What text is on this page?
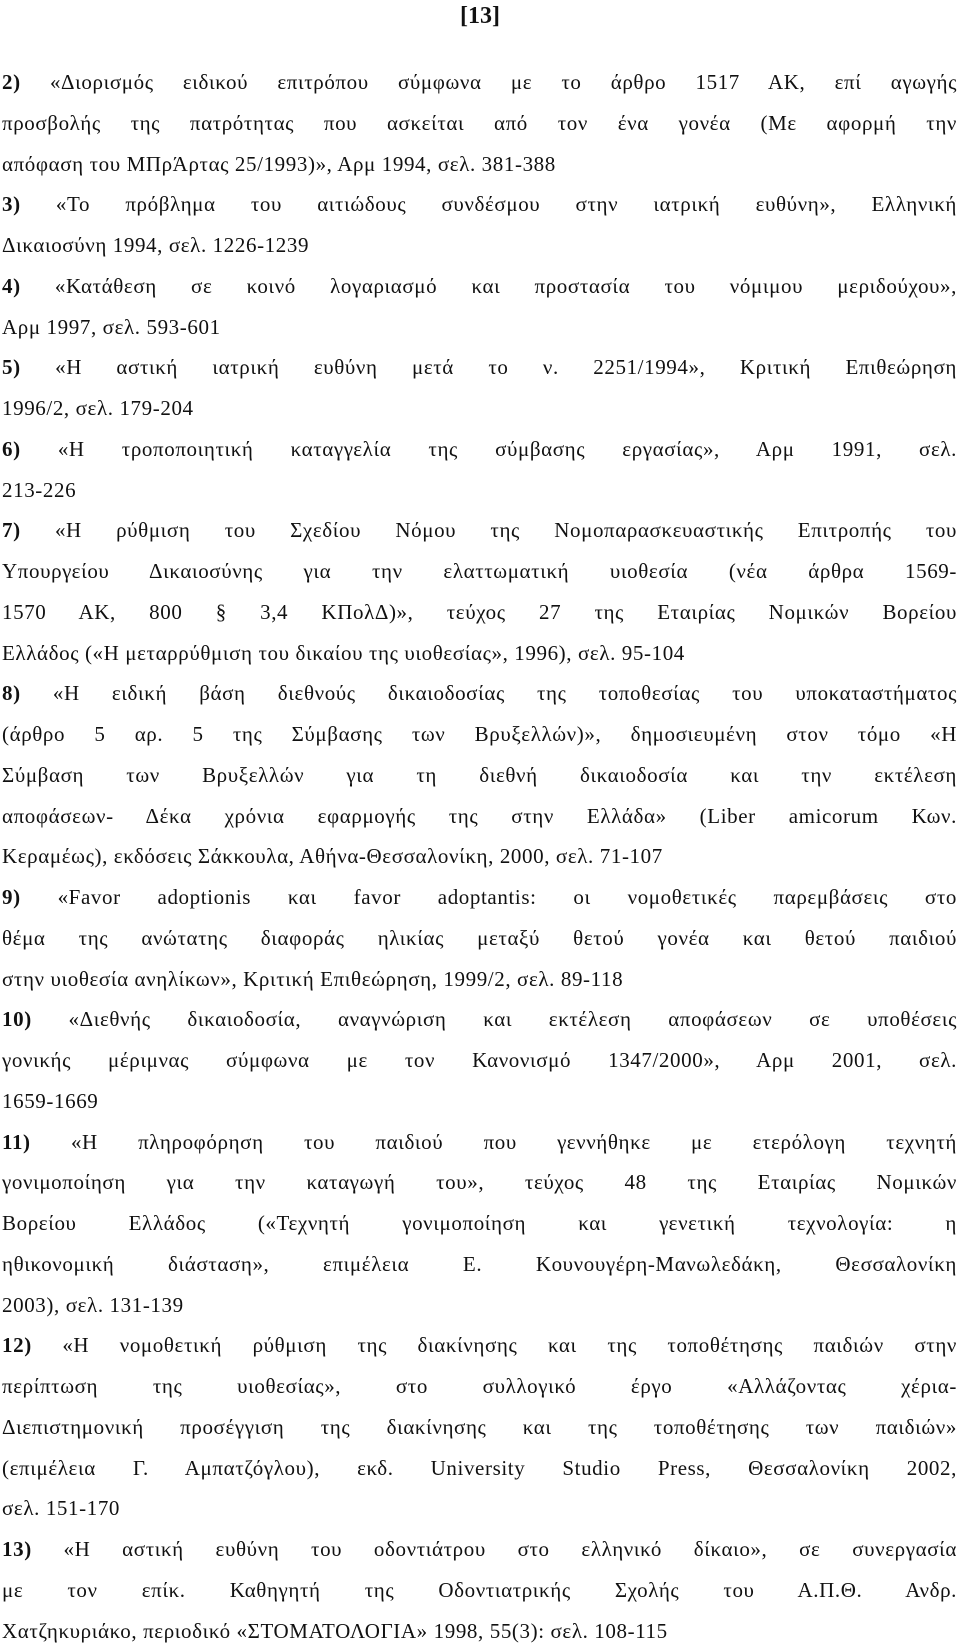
[13]
2) «Διορισμός ειδικού επιτρόπου σύμφωνα με το άρθρο 1517 ΑΚ, επί αγωγής
προσβολής της πατρότητας που ασκείται από τον ένα γονέα (Με αφορμή την
απόφαση του ΜΠρΆρτας 25/1993)», Αρμ 1994, σελ. 381-388
3) «Το πρόβλημα του αιτιώδους συνδέσμου στην ιατρική ευθύνη», Ελληνική
Δικαιοσύνη 1994, σελ. 1226-1239
4) «Κατάθεση σε κοινό λογαριασμό και προστασία του νόμιμου μεριδούχου»,
Αρμ 1997, σελ. 593-601
5) «Η αστική ιατρική ευθύνη μετά το ν. 2251/1994», Κριτική Επιθεώρηση
1996/2, σελ. 179-204
6) «Η τροποποιητική καταγγελία της σύμβασης εργασίας», Αρμ 1991, σελ.
213-226
7) «Η ρύθμιση του Σχεδίου Νόμου της Νομοπαρασκευαστικής Επιτροπής του
Υπουργείου Δικαιοσύνης για την ελαττωματική υιοθεσία (νέα άρθρα 1569-
1570 ΑΚ, 800 § 3,4 ΚΠολΔ)», τεύχος 27 της Εταιρίας Νομικών Βορείου
Ελλάδος («Η μεταρρύθμιση του δικαίου της υιοθεσίας», 1996), σελ. 95-104
8) «Η ειδική βάση διεθνούς δικαιοδοσίας της τοποθεσίας του υποκαταστήματος
(άρθρο 5 αρ. 5 της Σύμβασης των Βρυξελλών)», δημοσιευμένη στον τόμο «Η
Σύμβαση των Βρυξελλών για τη διεθνή δικαιοδοσία και την εκτέλεση
αποφάσεων- Δέκα χρόνια εφαρμογής της στην Ελλάδα» (Liber amicorum Κων.
Κεραμέως), εκδόσεις Σάκκουλα, Αθήνα-Θεσσαλονίκη, 2000, σελ. 71-107
9) «Favor adoptionis και favor adoptantis: οι νομοθετικές παρεμβάσεις στο
θέμα της ανώτατης διαφοράς ηλικίας μεταξύ θετού γονέα και θετού παιδιού
στην υιοθεσία ανηλίκων», Κριτική Επιθεώρηση, 1999/2, σελ. 89-118
10) «Διεθνής δικαιοδοσία, αναγνώριση και εκτέλεση αποφάσεων σε υποθέσεις
γονικής μέριμνας σύμφωνα με τον Κανονισμό 1347/2000», Αρμ 2001, σελ.
1659-1669
11) «Η πληροφόρηση του παιδιού που γεννήθηκε με ετερόλογη τεχνητή
γονιμοποίηση για την καταγωγή του», τεύχος 48 της Εταιρίας Νομικών
Βορείου Ελλάδος («Τεχνητή γονιμοποίηση και γενετική τεχνολογία: η
ηθικονομική διάσταση», επιμέλεια Ε. Κουνουγέρη-Μανωλεδάκη, Θεσσαλονίκη
2003), σελ. 131-139
12) «Η νομοθετική ρύθμιση της διακίνησης και της τοποθέτησης παιδιών στην
περίπτωση της υιοθεσίας», στο συλλογικό έργο «Αλλάζοντας χέρια-
Διεπιστημονική προσέγγιση της διακίνησης και της τοποθέτησης των παιδιών»
(επιμέλεια Γ. Αμπατζόγλου), εκδ. University Studio Press, Θεσσαλονίκη 2002,
σελ. 151-170
13) «Η αστική ευθύνη του οδοντιάτρου στο ελληνικό δίκαιο», σε συνεργασία
με τον επίκ. Καθηγητή της Οδοντιατρικής Σχολής του Α.Π.Θ. Ανδρ.
Χατζηκυριάκο, περιοδικό «ΣΤΟΜΑΤΟΛΟΓΙΑ» 1998, 55(3): σελ. 108-115
